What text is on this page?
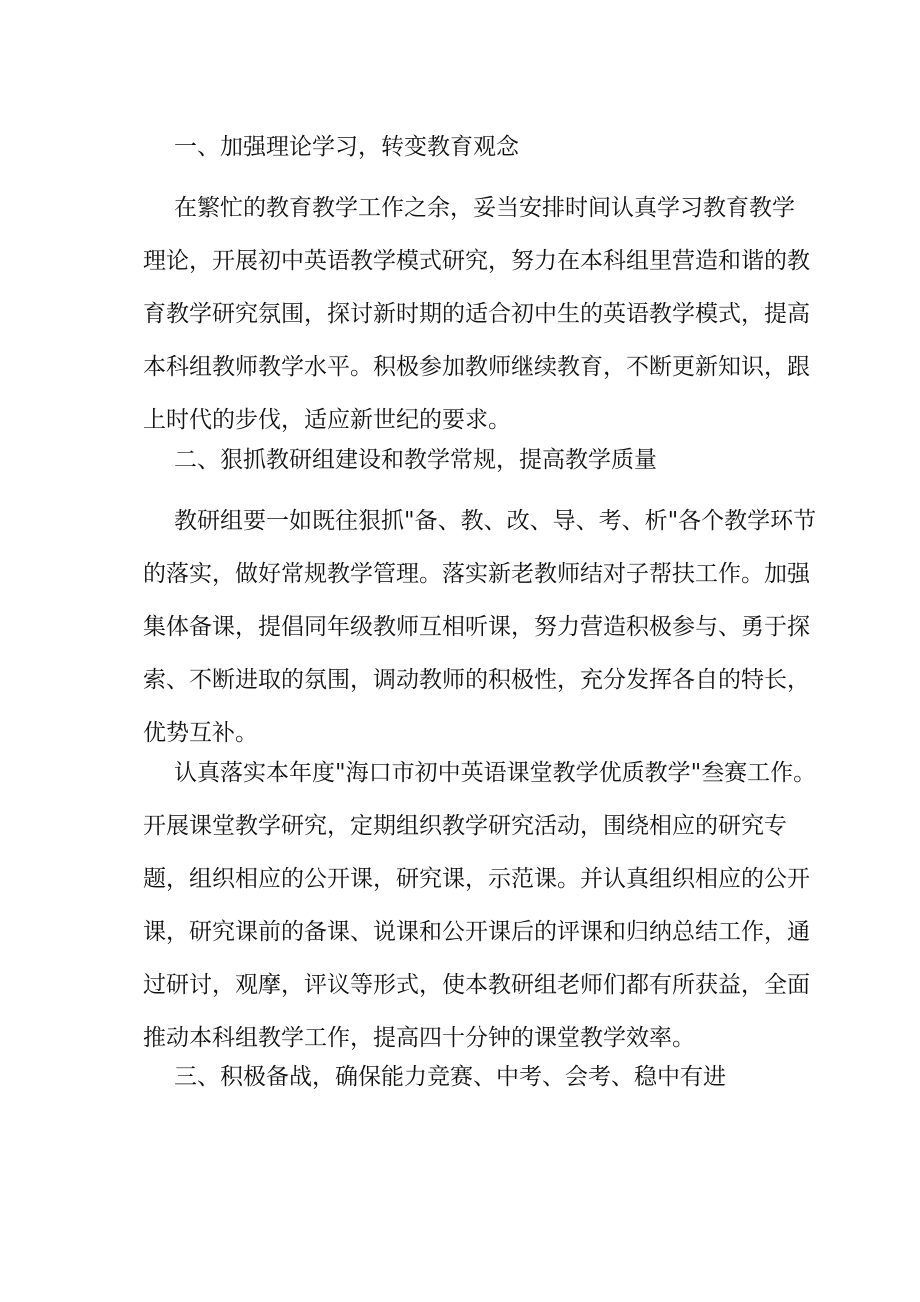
一、加强理论学习，转变教育观念
在繁忙的教育教学工作之余，妥当安排时间认真学习教育教学
理论，开展初中英语教学模式研究，努力在本科组里营造和谐的教
育教学研究氛围，探讨新时期的适合初中生的英语教学模式，提高
本科组教师教学水平。积极参加教师继续教育，不断更新知识，跟
上时代的步伐，适应新世纪的要求。
二、狠抓教研组建设和教学常规，提高教学质量
教研组要一如既往狠抓"备、教、改、导、考、析"各个教学环节
的落实，做好常规教学管理。落实新老教师结对子帮扶工作。加强
集体备课，提倡同年级教师互相听课，努力营造积极参与、勇于探
索、不断进取的氛围，调动教师的积极性，充分发挥各自的特长，
优势互补。
认真落实本年度"海口市初中英语课堂教学优质教学"叁赛工作。
开展课堂教学研究，定期组织教学研究活动，围绕相应的研究专
题，组织相应的公开课，研究课，示范课。并认真组织相应的公开
课，研究课前的备课、说课和公开课后的评课和归纳总结工作，通
过研讨，观摩，评议等形式，使本教研组老师们都有所获益，全面
推动本科组教学工作，提高四十分钟的课堂教学效率。
三、积极备战，确保能力竞赛、中考、会考、稳中有进
